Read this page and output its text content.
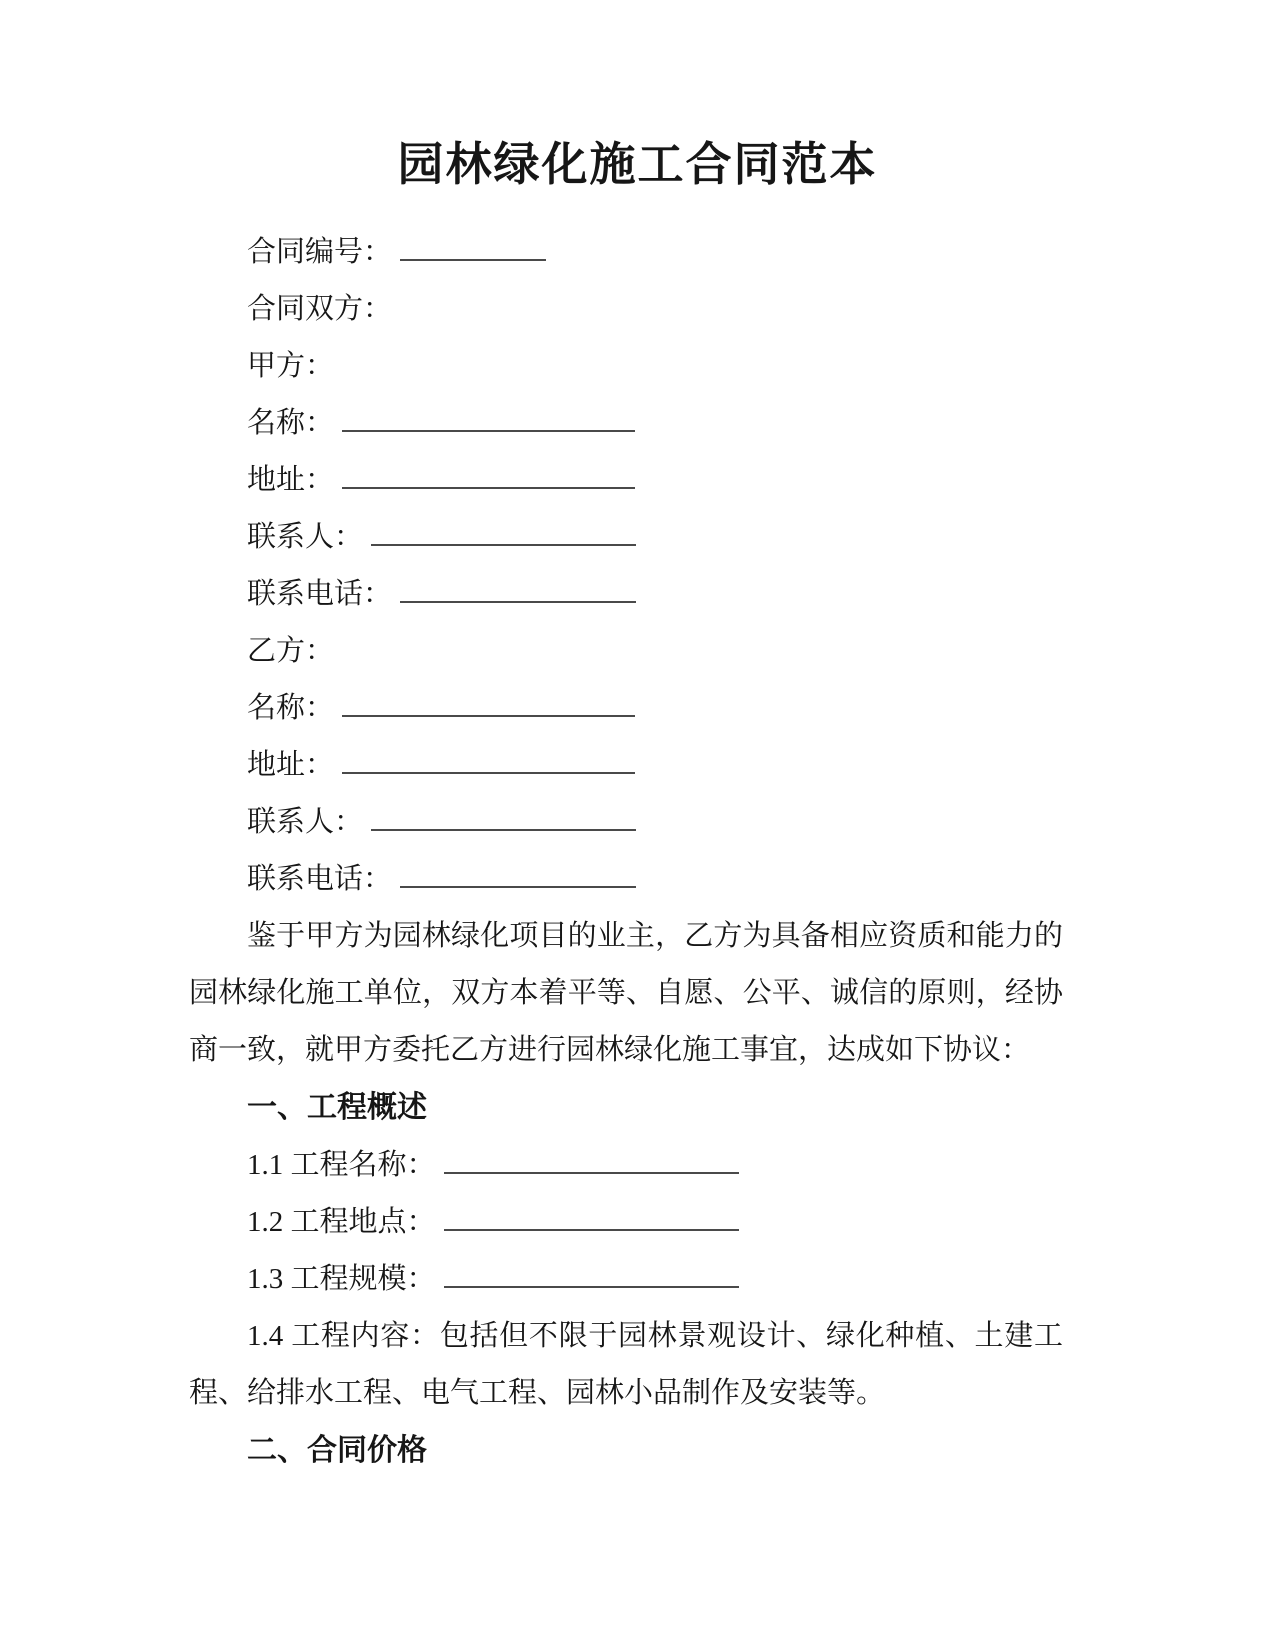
园林绿化施工合同范本

合同编号：

合同双方：

甲方：

名称：

地址：

联系人：

联系电话：

乙方：

名称：

地址：

联系人：

联系电话：

鉴于甲方为园林绿化项目的业主，乙方为具备相应资质和能力的园林绿化施工单位，双方本着平等、自愿、公平、诚信的原则，经协商一致，就甲方委托乙方进行园林绿化施工事宜，达成如下协议：

一、工程概述

1.1 工程名称：

1.2 工程地点：

1.3 工程规模：

1.4 工程内容：包括但不限于园林景观设计、绿化种植、土建工程、给排水工程、电气工程、园林小品制作及安装等。

二、合同价格
